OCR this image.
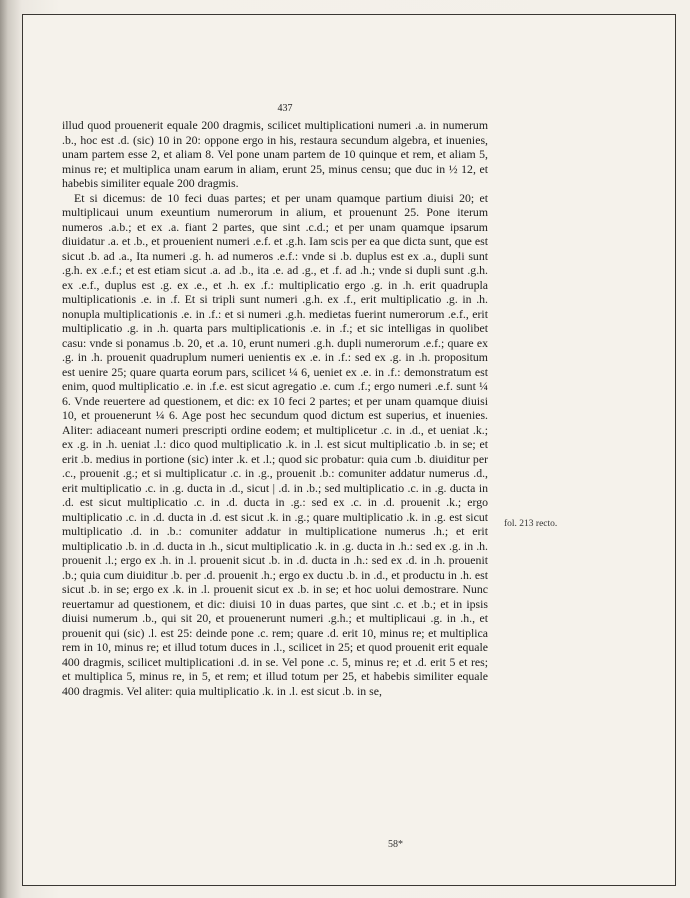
437

illud quod prouenerit equale 200 dragmis, scilicet multiplicationi numeri .a. in numerum .b., hoc est .d. (sic) 10 in 20: oppone ergo in his, restaura secundum algebra, et inuenies, unam partem esse 2, et aliam 8. Vel pone unam partem de 10 quinque et rem, et aliam 5, minus re; et multiplica unam earum in aliam, erunt 25, minus censu; que duc in ½ 12, et habebis similiter equale 200 dragmis.

Et si dicemus: de 10 feci duas partes; et per unam quamque partium diuisi 20; et multiplicaui unum exeuntium numerorum in alium, et prouenunt 25. Pone iterum numeros .a.b.; et ex .a. fiant 2 partes, que sint .c.d.; et per unam quamque ipsarum diuidatur .a. et .b., et prouenient numeri .e.f. et .g.h. Iam scis per ea que dicta sunt, que est sicut .b. ad .a., Ita numeri .g. h. ad numeros .e.f.: vnde si .b. duplus est ex .a., dupli sunt .g.h. ex .e.f.; et est etiam sicut .a. ad .b., ita .e. ad .g., et .f. ad .h.; vnde si dupli sunt .g.h. ex .e.f., duplus est .g. ex .e., et .h. ex .f.: multiplicatio ergo .g. in .h. erit quadrupla multiplicationis .e. in .f. Et si tripli sunt numeri .g.h. ex .f., erit multiplicatio .g. in .h. nonupla multiplicationis .e. in .f.: et si numeri .g.h. medietas fuerint numerorum .e.f., erit multiplicatio .g. in .h. quarta pars multiplicationis .e. in .f.; et sic intelligas in quolibet casu: vnde si ponamus .b. 20, et .a. 10, erunt numeri .g.h. dupli numerorum .e.f.; quare ex .g. in .h. prouenit quadruplum numeri uenientis ex .e. in .f.: sed ex .g. in .h. propositum est uenire 25; quare quarta eorum pars, scilicet ¼ 6, ueniet ex .e. in .f.: demonstratum est enim, quod multiplicatio .e. in .f.e. est sicut agregatio .e. cum .f.; ergo numeri .e.f. sunt ¼ 6. Vnde reuertere ad questionem, et dic: ex 10 feci 2 partes; et per unam quamque diuisi 10, et prouenerunt ¼ 6. Age post hec secundum quod dictum est superius, et inuenies. Aliter: adiaceant numeri prescripti ordine eodem; et multiplicetur .c. in .d., et ueniat .k.; ex .g. in .h. ueniat .l.: dico quod multiplicatio .k. in .l. est sicut multiplicatio .b. in se; et erit .b. medius in portione (sic) inter .k. et .l.; quod sic probatur: quia cum .b. diuiditur per .c., prouenit .g.; et si multiplicatur .c. in .g., prouenit .b.: comuniter addatur numerus .d., erit multiplicatio .c. in .g. ducta in .d., sicut | .d. in .b.; sed multiplicatio .c. in .g. ducta in .d. est sicut multiplicatio .c. in .d. ducta in .g.: sed ex .c. in .d. prouenit .k.; ergo multiplicatio .c. in .d. ducta in .d. est sicut .k. in .g.; quare multiplicatio .k. in .g. est sicut multiplicatio .d. in .b.: comuniter addatur in multiplicatione numerus .h.; et erit multiplicatio .b. in .d. ducta in .h., sicut multiplicatio .k. in .g. ducta in .h.: sed ex .g. in .h. prouenit .l.; ergo ex .h. in .l. prouenit sicut .b. in .d. ducta in .h.: sed ex .d. in .h. prouenit .b.; quia cum diuiditur .b. per .d. prouenit .h.; ergo ex ductu .b. in .d., et productu in .h. est sicut .b. in se; ergo ex .k. in .l. prouenit sicut ex .b. in se; et hoc uolui demostrare. Nunc reuertamur ad questionem, et dic: diuisi 10 in duas partes, que sint .c. et .b.; et in ipsis diuisi numerum .b., qui sit 20, et prouenerunt numeri .g.h.; et multiplicaui .g. in .h., et prouenit qui (sic) .l. est 25: deinde pone .c. rem; quare .d. erit 10, minus re; et multiplica rem in 10, minus re; et illud totum duces in .l., scilicet in 25; et quod prouenit erit equale 400 dragmis, scilicet multiplicationi .d. in se. Vel pone .c. 5, minus re; et .d. erit 5 et res; et multiplica 5, minus re, in 5, et rem; et illud totum per 25, et habebis similiter equale 400 dragmis. Vel aliter: quia multiplicatio .k. in .l. est sicut .b. in se,

fol. 213 recto.
58*
